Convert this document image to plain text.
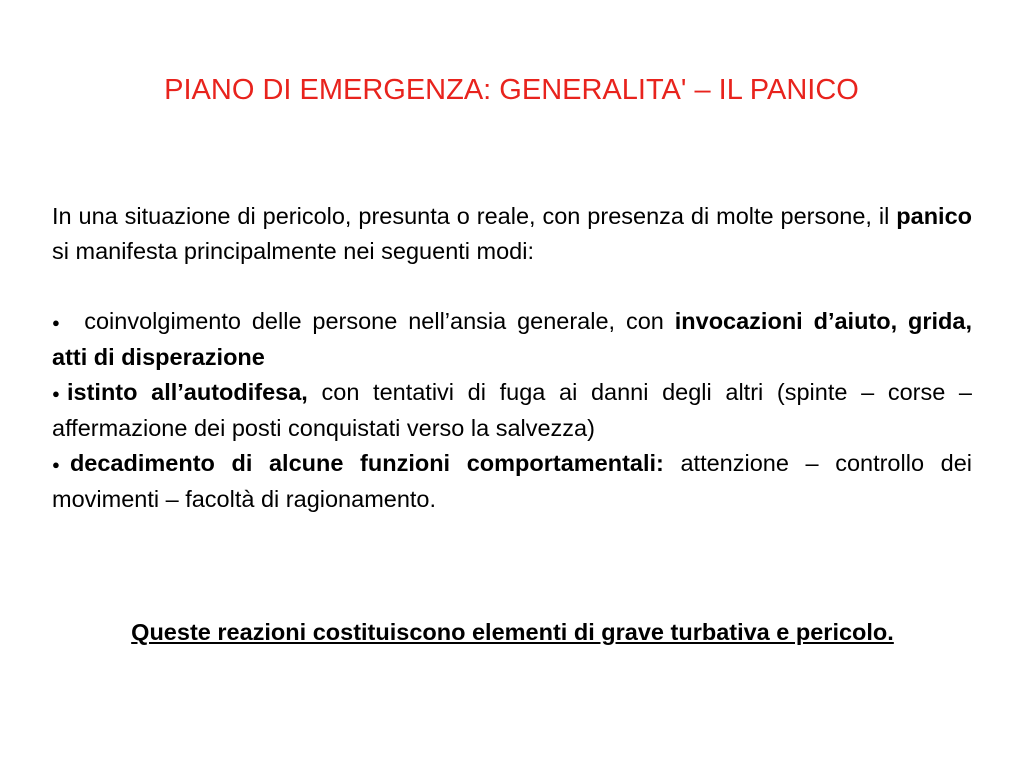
PIANO DI EMERGENZA: GENERALITA' – IL PANICO

In una situazione di pericolo, presunta o reale, con presenza di molte persone, il panico si manifesta principalmente nei seguenti modi:

● coinvolgimento delle persone nell’ansia generale, con invocazioni d’aiuto, grida, atti di disperazione
●istinto all’autodifesa, con tentativi di fuga ai danni degli altri (spinte – corse – affermazione dei posti conquistati verso la salvezza)
●decadimento di alcune funzioni comportamentali: attenzione – controllo dei movimenti – facoltà di ragionamento.

Queste reazioni costituiscono elementi di grave turbativa e pericolo.
